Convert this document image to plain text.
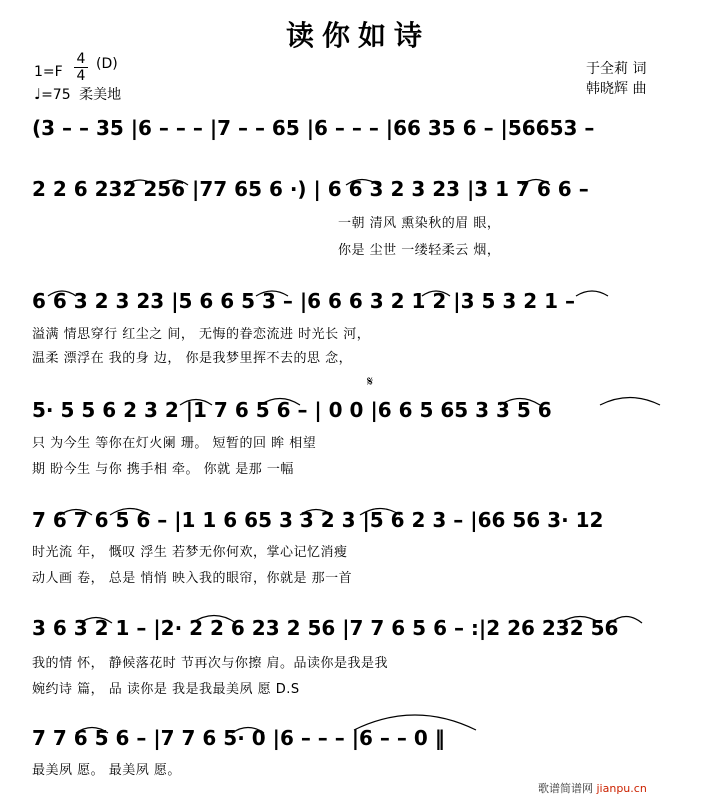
读你如诗
1=F
4
4
(D)
♩=75 柔美地
于全莉 词
韩晓辉 曲
(3 – – 35 |6 – – – |7 – – 65 |6 – – – |66 35 6 – |56653 –
2 2 6 232 256 |77 65 6 ·) | 6 6 3 2 3 23 |3 1 7 6 6 –
一朝 清风 熏染秋的眉 眼，
你是 尘世 一缕轻柔云 烟，
6 6 3 2 3 23 |5 6 6 5 3 – |6 6 6 3 2 1 2 |3 5 3 2 1 –
溢满 情思穿行 红尘之 间， 无悔的眷恋流进 时光长 河，
温柔 漂浮在 我的身 边， 你是我梦里挥不去的思 念，
𝄋
5· 5 5 6 2 3 2 |1 7 6 5 6 – | 0 0 |6 6 5 65 3 3 5 6
只 为今生 等你在灯火阑 珊。 短暂的回 眸 相望
期 盼今生 与你 携手相 牵。 你就 是那 一幅
7 6 7 6 5 6 – |1 1 6 65 3 3 2 3 |5 6 2 3 – |66 56 3· 12
时光流 年， 慨叹 浮生 若梦无你何欢，掌心记忆消瘦
动人画 卷， 总是 悄悄 映入我的眼帘，你就是 那一首
3 6 3 2 1 – |2· 2 2 6 23 2 56 |7 7 6 5 6 – :|2 26 232 56
我的情 怀， 静候落花时 节再次与你擦 肩。品读你是我是我
婉约诗 篇， 品 读你是 我是我最美夙 愿 D.S
7 7 6 5 6 – |7 7 6 5· 0 |6 – – – |6 – – 0 ‖
最美夙 愿。 最美夙 愿。
歌谱简谱网 jianpu.cn
